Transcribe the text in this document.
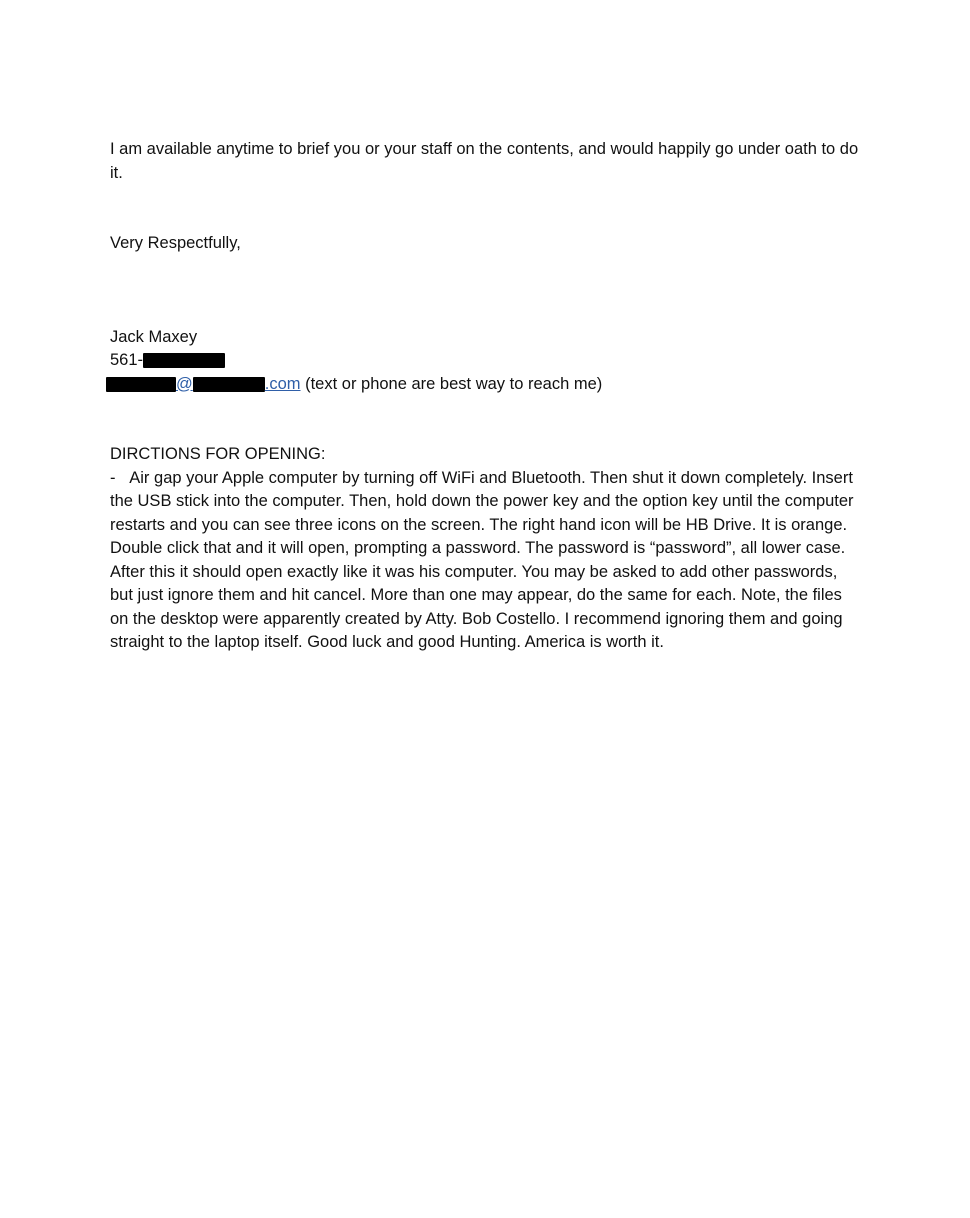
I am available anytime to brief you or your staff on the contents, and would happily go under oath to do it.

Very Respectfully,

Jack Maxey
561-
@	.com (text or phone are best way to reach me)
DIRCTIONS FOR OPENING:

- Air gap your Apple computer by turning off WiFi and Bluetooth. Then shut it down completely. Insert the USB stick into the computer. Then, hold down the power key and the option key until the computer restarts and you can see three icons on the screen. The right hand icon will be HB Drive. It is orange. Double click that and it will open, prompting a password. The password is “password”, all lower case. After this it should open exactly like it was his computer. You may be asked to add other passwords, but just ignore them and hit cancel. More than one may appear, do the same for each. Note, the files on the desktop were apparently created by Atty. Bob Costello. I recommend ignoring them and going straight to the laptop itself. Good luck and good Hunting. America is worth it.
